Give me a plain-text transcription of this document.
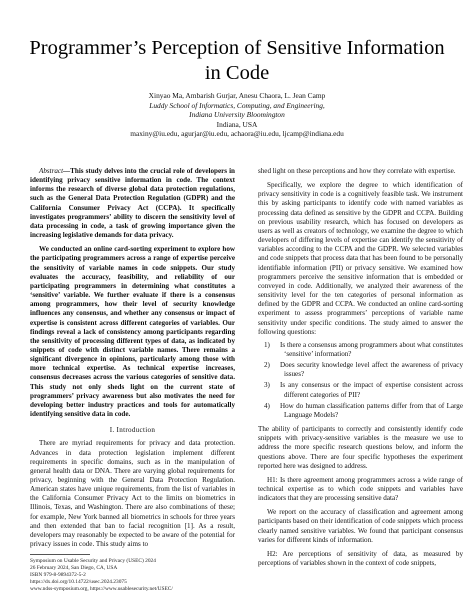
Programmer’s Perception of Sensitive Information in Code
Xinyao Ma, Ambarish Gurjar, Anesu Chaora, L. Jean Camp
Luddy School of Informatics, Computing, and Engineering,
Indiana University Bloomington
Indiana, USA
maxiny@iu.edu, agurjar@iu.edu, achaora@iu.edu, ljcamp@indiana.edu

Abstract—This study delves into the crucial role of developers in identifying privacy sensitive information in code. The context informs the research of diverse global data protection regulations, such as the General Data Protection Regulation (GDPR) and the California Consumer Privacy Act (CCPA). It specifically investigates programmers’ ability to discern the sensitivity level of data processing in code, a task of growing importance given the increasing legislative demands for data privacy.

We conducted an online card-sorting experiment to explore how the participating programmers across a range of expertise perceive the sensitivity of variable names in code snippets. Our study evaluates the accuracy, feasibility, and reliability of our participating programmers in determining what constitutes a ‘sensitive’ variable. We further evaluate if there is a consensus among programmers, how their level of security knowledge influences any consensus, and whether any consensus or impact of expertise is consistent across different categories of variables. Our findings reveal a lack of consistency among participants regarding the sensitivity of processing different types of data, as indicated by snippets of code with distinct variable names. There remains a significant divergence in opinions, particularly among those with more technical expertise. As technical expertise increases, consensus decreases across the various categories of sensitive data. This study not only sheds light on the current state of programmers’ privacy awareness but also motivates the need for developing better industry practices and tools for automatically identifying sensitive data in code.

I. Introduction

There are myriad requirements for privacy and data protection. Advances in data protection legislation implement different requirements in specific domains, such as in the manipulation of general health data or DNA. There are varying global requirements for privacy, beginning with the General Data Protection Regulation. American states have unique requirements, from the list of variables in the California Consumer Privacy Act to the limits on biometrics in Illinois, Texas, and Washington. There are also combinations of these; for example, New York banned all biometrics in schools for three years and then extended that ban to facial recognition [1]. As a result, developers may reasonably be expected to be aware of the potential for privacy issues in code. This study aims to

Symposium on Usable Security and Privacy (USEC) 2024
26 February 2024, San Diego, CA, USA
ISBN 979-8-9894372-5-2
https://dx.doi.org/10.14722/usec.2024.23075
www.ndss-symposium.org, https://www.usablesecurity.net/USEC/

shed light on these perceptions and how they correlate with expertise.

Specifically, we explore the degree to which identification of privacy sensitivity in code is a cognitively feasible task. We instrument this by asking participants to identify code with named variables as processing data defined as sensitive by the GDPR and CCPA. Building on previous usability research, which has focused on developers as users as well as creators of technology, we examine the degree to which developers of differing levels of expertise can identify the sensitivity of variables according to the CCPA and the GDPR. We selected variables and code snippets that process data that has been found to be personally identifiable information (PII) or privacy sensitive. We examined how programmers perceive the sensitive information that is embedded or conveyed in code. Additionally, we analyzed their awareness of the sensitivity level for the ten categories of personal information as defined by the GDPR and CCPA. We conducted an online card-sorting experiment to assess programmers’ perceptions of variable name sensitivity under specific conditions. The study aimed to answer the following questions:

1) Is there a consensus among programmers about what constitutes ‘sensitive’ information?
2) Does security knowledge level affect the awareness of privacy issues?
3) Is any consensus or the impact of expertise consistent across different categories of PII?
4) How do human classification patterns differ from that of Large Language Models?

The ability of participants to correctly and consistently identify code snippets with privacy-sensitive variables is the measure we use to address the more specific research questions below, and inform the questions above. There are four specific hypotheses the experiment reported here was designed to address.

H1: Is there agreement among programmers across a wide range of technical expertise as to which code snippets and variables have indicators that they are processing sensitive data?

We report on the accuracy of classification and agreement among participants based on their identification of code snippets which process clearly named sensitive variables. We found that participant consensus varies for different kinds of information.

H2: Are perceptions of sensitivity of data, as measured by perceptions of variables shown in the context of code snippets,
